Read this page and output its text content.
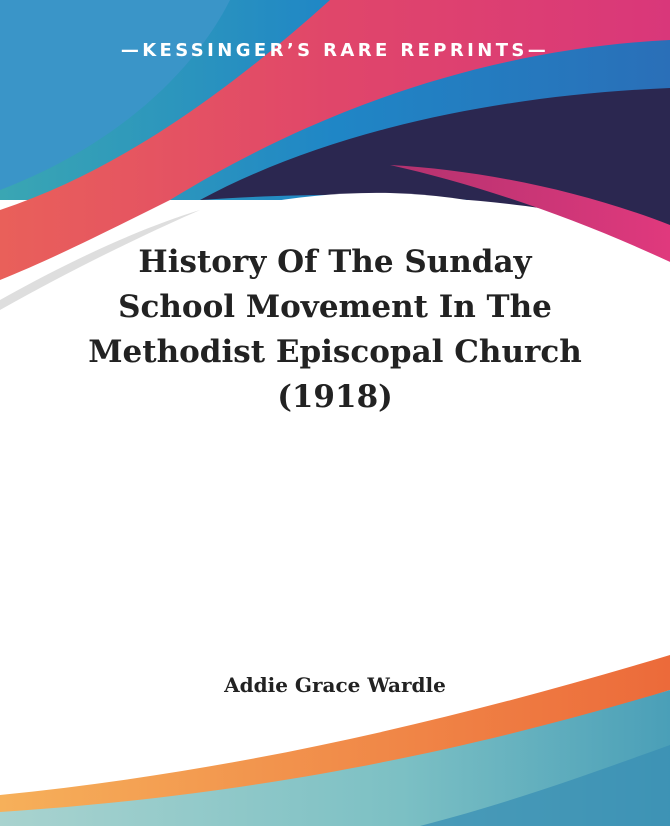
—KESSINGER’S RARE REPRINTS—
History Of The Sunday
School Movement In The
Methodist Episcopal Church
(1918)
Addie Grace Wardle
